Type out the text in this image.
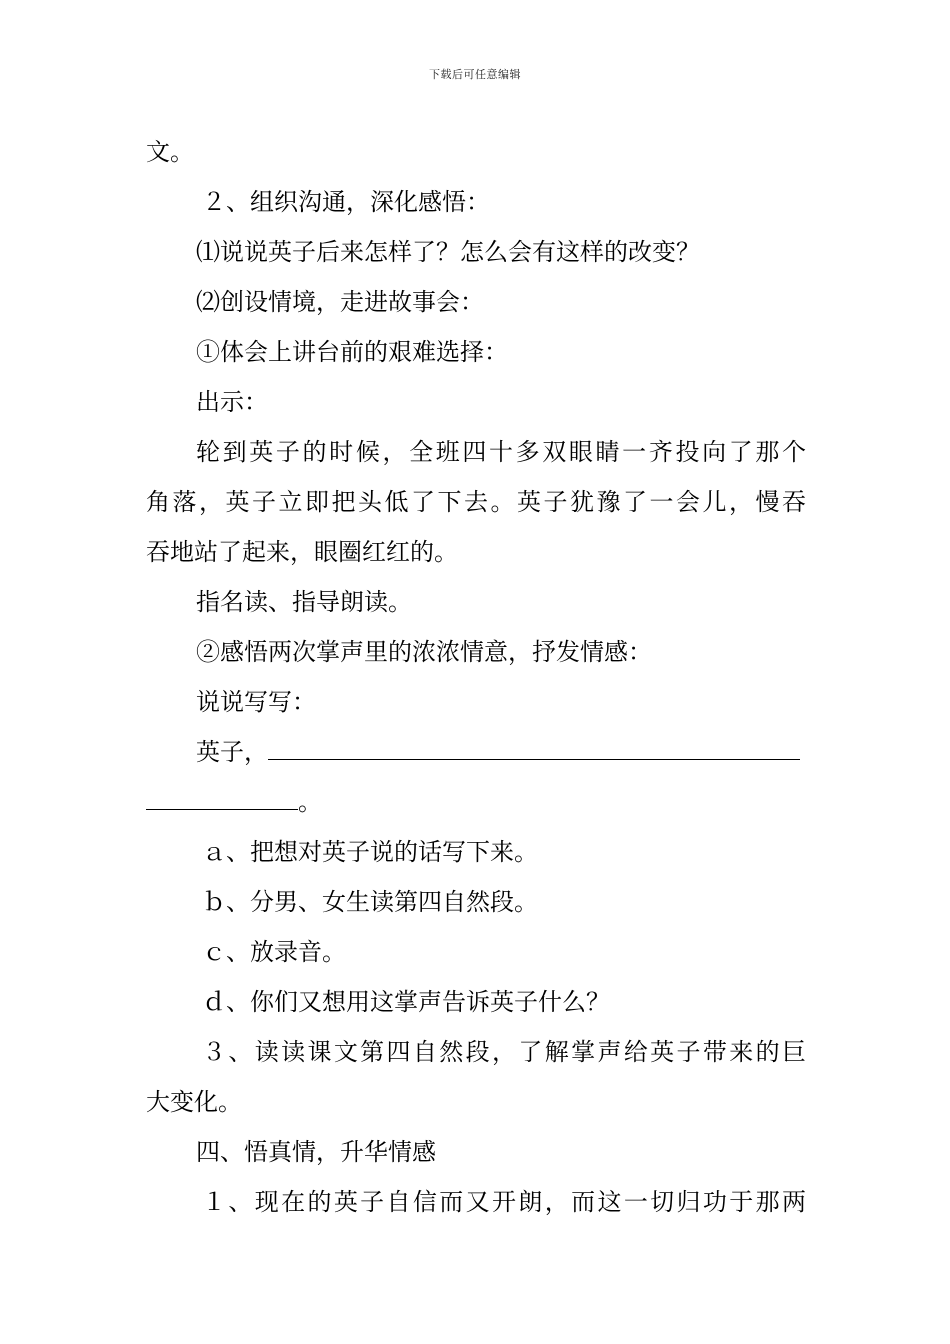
下载后可任意编辑
文。
２、组织沟通，深化感悟：
⑴说说英子后来怎样了？怎么会有这样的改变？
⑵创设情境，走进故事会：
①体会上讲台前的艰难选择：
出示：
轮到英子的时候，全班四十多双眼睛一齐投向了那个
角落，英子立即把头低了下去。英子犹豫了一会儿，慢吞
吞地站了起来，眼圈红红的。
指名读、指导朗读。
②感悟两次掌声里的浓浓情意，抒发情感：
说说写写：
英子，
。
ａ、把想对英子说的话写下来。
ｂ、分男、女生读第四自然段。
ｃ、放录音。
ｄ、你们又想用这掌声告诉英子什么？
３、读读课文第四自然段，了解掌声给英子带来的巨
大变化。
四、悟真情，升华情感
１、现在的英子自信而又开朗，而这一切归功于那两
